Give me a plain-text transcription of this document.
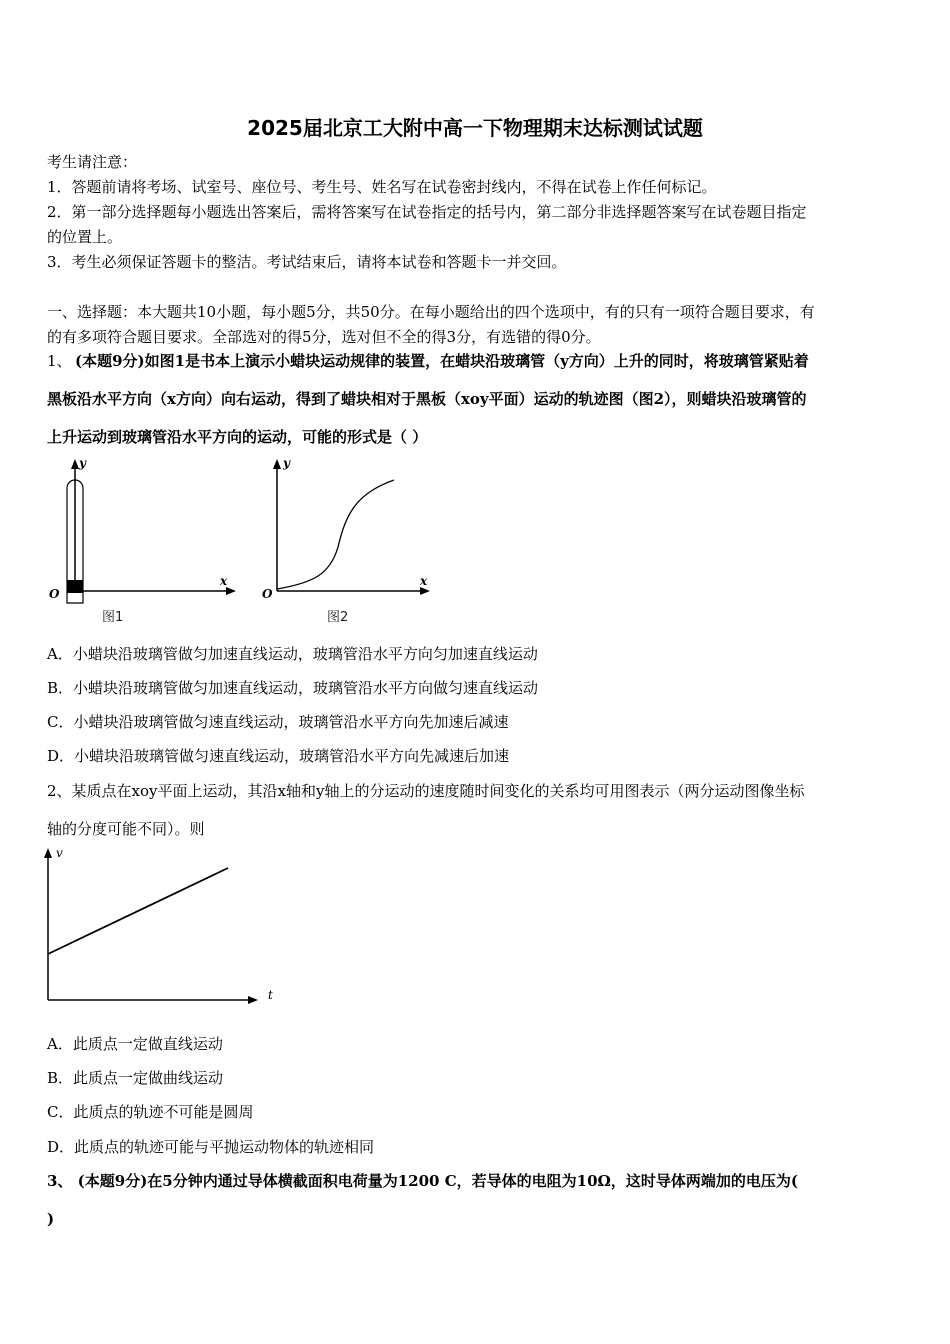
2025届北京工大附中高一下物理期末达标测试试题
考生请注意：
1．答题前请将考场、试室号、座位号、考生号、姓名写在试卷密封线内，不得在试卷上作任何标记。
2．第一部分选择题每小题选出答案后，需将答案写在试卷指定的括号内，第二部分非选择题答案写在试卷题目指定
的位置上。
3．考生必须保证答题卡的整洁。考试结束后，请将本试卷和答题卡一并交回。
一、选择题：本大题共10小题，每小题5分，共50分。在每小题给出的四个选项中，有的只有一项符合题目要求，有
的有多项符合题目要求。全部选对的得5分，选对但不全的得3分，有选错的得0分。
1、 (本题9分)如图1是书本上演示小蜡块运动规律的装置，在蜡块沿玻璃管（y方向）上升的同时，将玻璃管紧贴着
黑板沿水平方向（x方向）向右运动，得到了蜡块相对于黑板（xoy平面）运动的轨迹图（图2），则蜡块沿玻璃管的
上升运动到玻璃管沿水平方向的运动，可能的形式是（ ）
y
x
O
图1
y
x
O
图2
A．小蜡块沿玻璃管做匀加速直线运动，玻璃管沿水平方向匀加速直线运动
B．小蜡块沿玻璃管做匀加速直线运动，玻璃管沿水平方向做匀速直线运动
C．小蜡块沿玻璃管做匀速直线运动，玻璃管沿水平方向先加速后减速
D．小蜡块沿玻璃管做匀速直线运动，玻璃管沿水平方向先减速后加速
2、某质点在xoy平面上运动，其沿x轴和y轴上的分运动的速度随时间变化的关系均可用图表示（两分运动图像坐标
轴的分度可能不同）。则
v
t
A．此质点一定做直线运动
B．此质点一定做曲线运动
C．此质点的轨迹不可能是圆周
D．此质点的轨迹可能与平抛运动物体的轨迹相同
3、 (本题9分)在5分钟内通过导体横截面积电荷量为1200 C，若导体的电阻为10Ω，这时导体两端加的电压为(
)
